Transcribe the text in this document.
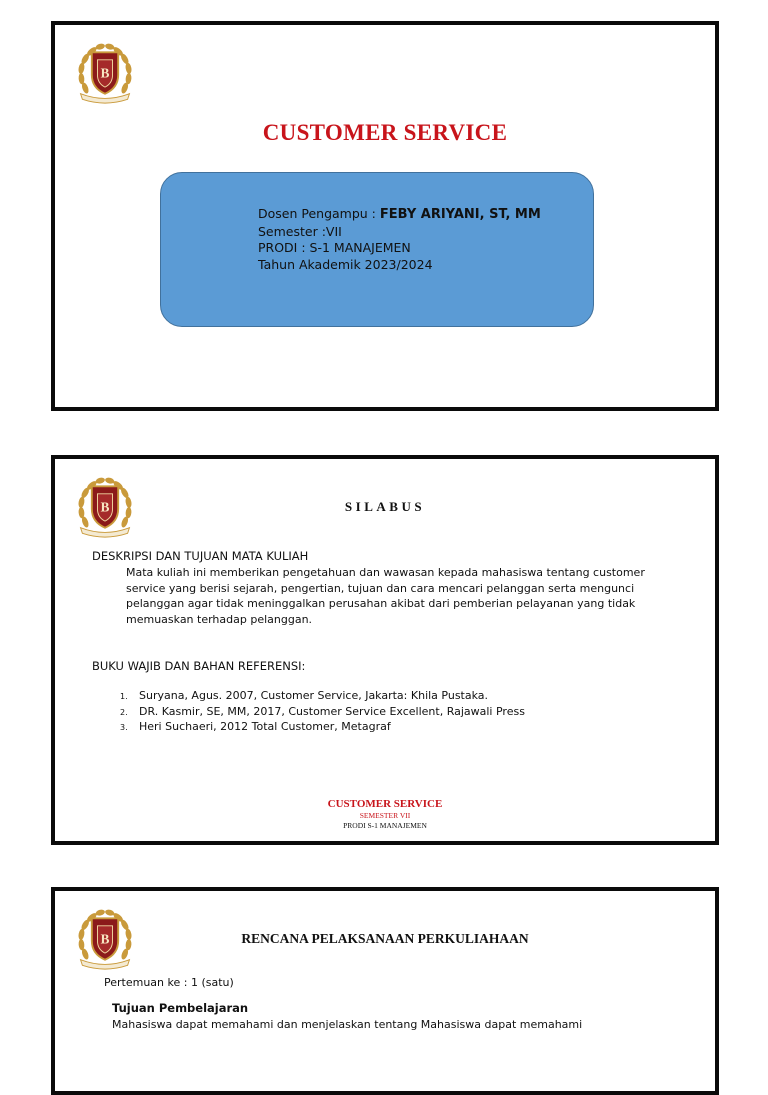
CUSTOMER SERVICE
Dosen Pengampu : FEBY ARIYANI, ST, MM
Semester :VII
PRODI : S-1 MANAJEMEN
Tahun Akademik 2023/2024
SILABUS
DESKRIPSI DAN TUJUAN MATA KULIAH
Mata kuliah ini memberikan pengetahuan dan wawasan kepada mahasiswa tentang customer service yang berisi sejarah, pengertian, tujuan dan cara mencari pelanggan serta mengunci pelanggan agar tidak meninggalkan perusahan akibat dari pemberian pelayanan yang tidak memuaskan terhadap pelanggan.
BUKU WAJIB DAN BAHAN REFERENSI:
1. Suryana, Agus. 2007, Customer Service, Jakarta: Khila Pustaka.
2. DR. Kasmir, SE, MM, 2017, Customer Service Excellent, Rajawali Press
3. Heri Suchaeri, 2012 Total Customer, Metagraf
CUSTOMER SERVICE
SEMESTER VII
PRODI S-1 MANAJEMEN
RENCANA PELAKSANAAN PERKULIAHAAN
Pertemuan ke : 1 (satu)
Tujuan Pembelajaran
Mahasiswa dapat memahami dan menjelaskan tentang Mahasiswa dapat memahami
